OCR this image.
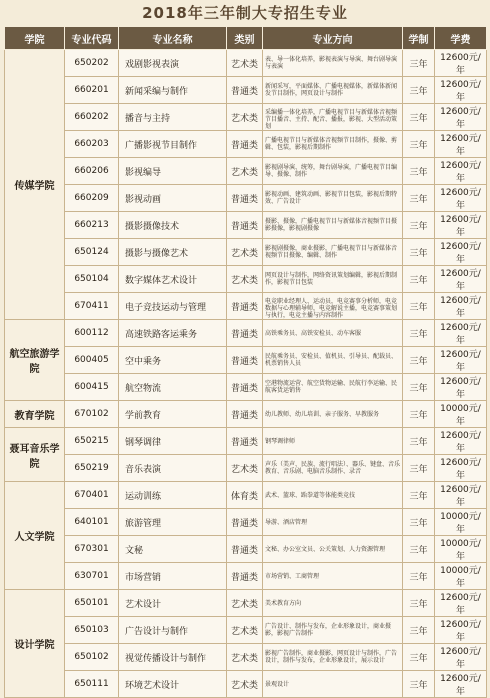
2018年三年制大专招生专业
学院	专业代码	专业名称	类别	专业方向	学制	学费
传媒学院	650202	戏剧影视表演	艺术类	表、导一体化培养，影视表演与导演、舞台剧导演与表演	三年	12600元/年
	660201	新闻采编与制作	普通类	新闻采写，平面媒体、广播电视媒体，新媒体新闻发节目制作，网页设计与制作	三年	12600元/年
	660202	播音与主持	艺术类	采编播一体化培养，广播电视节目与新媒体音视频节目播音、主持、配音、播报，影视、大型活动策划	三年	12600元/年
	660203	广播影视节目制作	普通类	广播电视节目与新媒体音视频节目制作，摄像、剪辑、包装，影视后期制作	三年	12600元/年
	660206	影视编导	艺术类	影视剧导演、统筹，舞台剧导演，广播电视节目编导、摄像、制作	三年	12600元/年
	660209	影视动画	普通类	影视动画、建筑动画、影视节目包装，影视后期特效、广告设计	三年	12600元/年
	660213	摄影摄像技术	普通类	摄影、摄像，广播电视节目与新媒体音视频节目摄影摄像，影视剧摄像	三年	12600元/年
	650124	摄影与摄像艺术	艺术类	影视剧摄像，商业摄影，广播电视节目与新媒体音视频节目摄像、编辑、制作	三年	12600元/年
	650104	数字媒体艺术设计	艺术类	网页设计与制作，网络资讯策划编辑，影视后期制作，影视节目包装	三年	12600元/年
	670411	电子竞技运动与管理	普通类	电竞职业经理人、运动员，电竞赛事分析师，电竞数据与心理辅导师，电竞解说主播，电竞赛事策划与执行，电竞主播与内容制作	三年	12600元/年
航空旅游学院	600112	高速铁路客运乘务	普通类	高铁乘务员、高铁安检员、动车客服	三年	12600元/年
	600405	空中乘务	普通类	民航乘务员、安检员、值机员、引导员、配载员、机票销售人员	三年	12600元/年
	600415	航空物流	普通类	空港物流运营、航空货物运输、民航行李运输、民航客货运销售	三年	12600元/年
教育学院	670102	学前教育	普通类	幼儿教师、幼儿培训、亲子服务、早教服务	三年	10000元/年
聂耳音乐学院	650215	钢琴调律	普通类	钢琴调律师	三年	12600元/年
	650219	音乐表演	艺术类	声乐（美声、民族、流行唱法）、器乐、键盘、音乐教育、音乐剧、电脑音乐制作、录音	三年	12600元/年
人文学院	670401	运动训练	体育类	武术、篮球、跆拳道等体能类竞技	三年	12600元/年
	640101	旅游管理	普通类	导游、酒店管理	三年	10000元/年
	670301	文秘	普通类	文秘、办公室文员、公关策划、人力资源管理	三年	10000元/年
	630701	市场营销	普通类	市场营销、工商管理	三年	10000元/年
设计学院	650101	艺术设计	艺术类	美术教育方向	三年	12600元/年
	650103	广告设计与制作	艺术类	广告设计、制作与发布，企业形象设计，商业摄影，影视广告制作	三年	12600元/年
	650102	视觉传播设计与制作	艺术类	影视广告制作，商业摄影，网页设计与制作，广告设计，制作与发布，企业形象设计，展示设计	三年	12600元/年
	650111	环境艺术设计	艺术类	景观设计	三年	12600元/年
